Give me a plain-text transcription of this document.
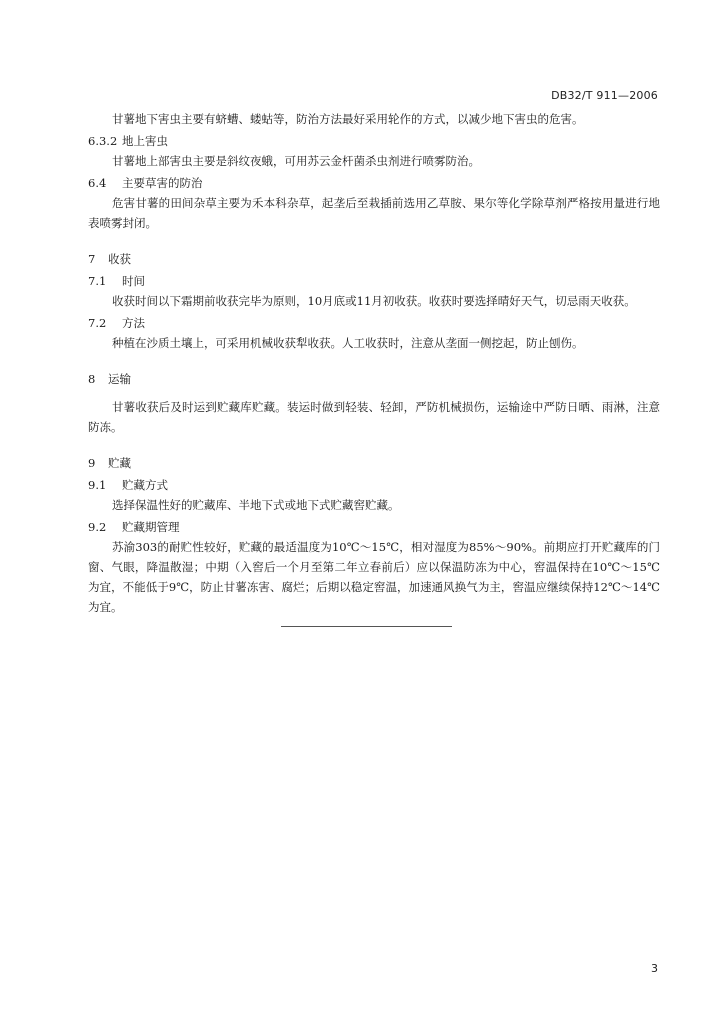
DB32/T 911—2006

甘薯地下害虫主要有蛴螬、蝼蛄等，防治方法最好采用轮作的方式，以减少地下害虫的危害。

6.3.2 地上害虫

甘薯地上部害虫主要是斜纹夜蛾，可用苏云金杆菌杀虫剂进行喷雾防治。

6.4 主要草害的防治

危害甘薯的田间杂草主要为禾本科杂草，起垄后至栽插前选用乙草胺、果尔等化学除草剂严格按用量进行地表喷雾封闭。

7 收获
7.1 时间

收获时间以下霜期前收获完毕为原则，10月底或11月初收获。收获时要选择晴好天气，切忌雨天收获。

7.2 方法

种植在沙质土壤上，可采用机械收获犁收获。人工收获时，注意从垄面一侧挖起，防止刨伤。

8 运输

甘薯收获后及时运到贮藏库贮藏。装运时做到轻装、轻卸，严防机械损伤，运输途中严防日晒、雨淋，注意防冻。

9 贮藏
9.1 贮藏方式

选择保温性好的贮藏库、半地下式或地下式贮藏窖贮藏。

9.2 贮藏期管理

苏渝303的耐贮性较好，贮藏的最适温度为10℃～15℃，相对湿度为85%～90%。前期应打开贮藏库的门窗、气眼，降温散湿；中期（入窖后一个月至第二年立春前后）应以保温防冻为中心，窖温保持在10℃～15℃为宜，不能低于9℃，防止甘薯冻害、腐烂；后期以稳定窖温，加速通风换气为主，窖温应继续保持12℃～14℃为宜。

3
